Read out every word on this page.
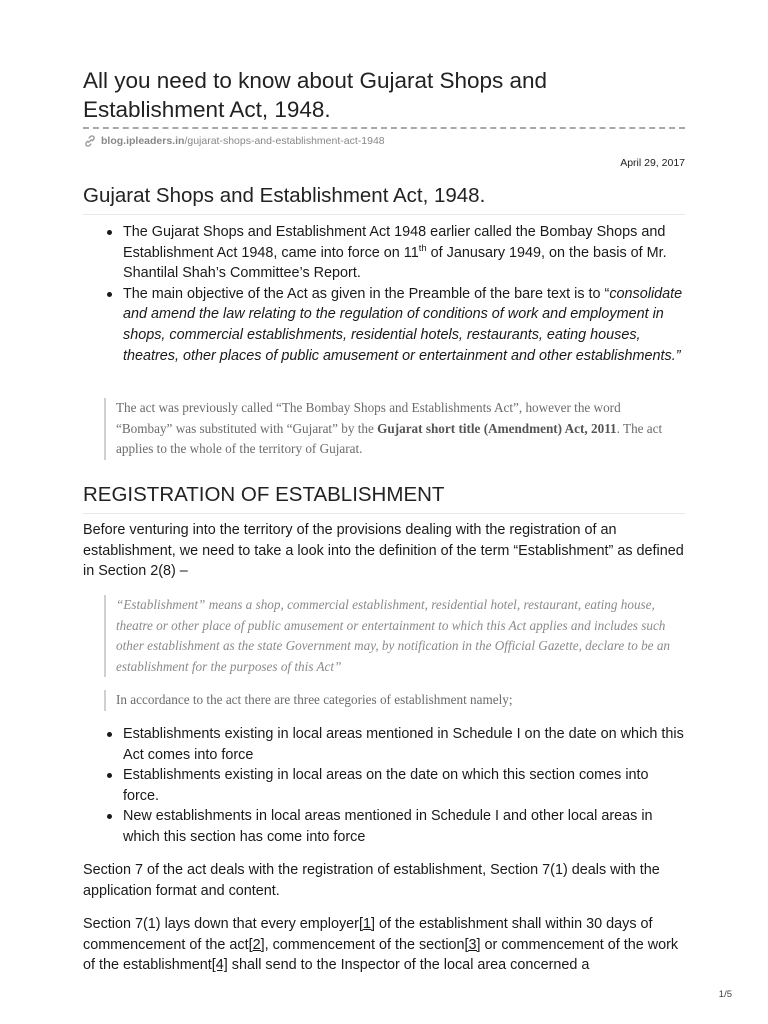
All you need to know about Gujarat Shops and Establishment Act, 1948.
blog.ipleaders.in /gujarat-shops-and-establishment-act-1948
April 29, 2017
Gujarat Shops and Establishment Act, 1948.
The Gujarat Shops and Establishment Act 1948 earlier called the Bombay Shops and Establishment Act 1948, came into force on 11th of Janusary 1949, on the basis of Mr. Shantilal Shah’s Committee’s Report.
The main objective of the Act as given in the Preamble of the bare text is to “consolidate and amend the law relating to the regulation of conditions of work and employment in shops, commercial establishments, residential hotels, restaurants, eating houses, theatres, other places of public amusement or entertainment and other establishments.”
The act was previously called “The Bombay Shops and Establishments Act”, however the word “Bombay” was substituted with “Gujarat” by the Gujarat short title (Amendment) Act, 2011. The act applies to the whole of the territory of Gujarat.
REGISTRATION OF ESTABLISHMENT

Before venturing into the territory of the provisions dealing with the registration of an establishment, we need to take a look into the definition of the term “Establishment” as defined in Section 2(8) –

“Establishment” means a shop, commercial establishment, residential hotel, restaurant, eating house, theatre or other place of public amusement or entertainment to which this Act applies and includes such other establishment as the state Government may, by notification in the Official Gazette, declare to be an establishment for the purposes of this Act”
In accordance to the act there are three categories of establishment namely;
Establishments existing in local areas mentioned in Schedule I on the date on which this Act comes into force
Establishments existing in local areas on the date on which this section comes into force.
New establishments in local areas mentioned in Schedule I and other local areas in which this section has come into force

Section 7 of the act deals with the registration of establishment, Section 7(1) deals with the application format and content.

Section 7(1) lays down that every employer[1] of the establishment shall within 30 days of commencement of the act[2], commencement of the section[3] or commencement of the work of the establishment[4] shall send to the Inspector of the local area concerned a

1/5
